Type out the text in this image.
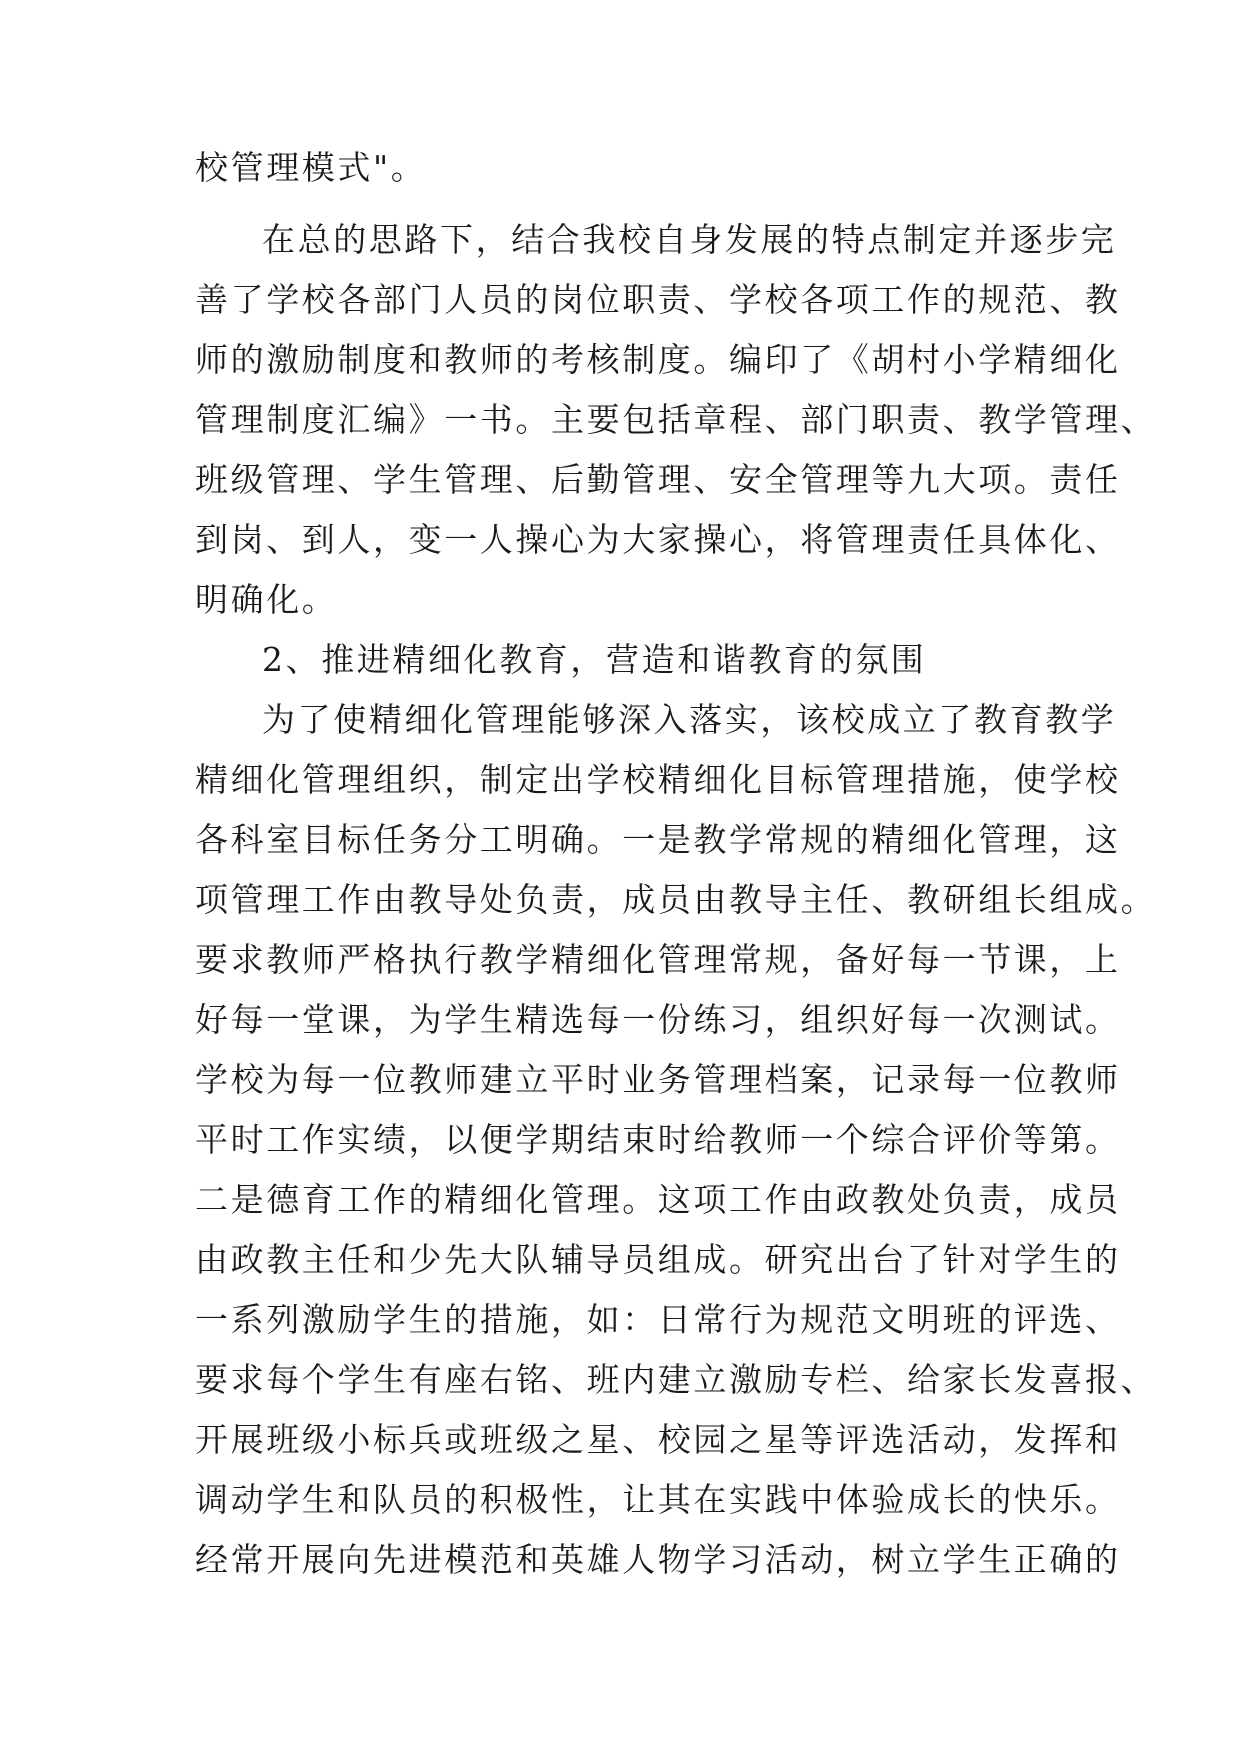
校管理模式"。
在总的思路下，结合我校自身发展的特点制定并逐步完
善了学校各部门人员的岗位职责、学校各项工作的规范、教
师的激励制度和教师的考核制度。编印了《胡村小学精细化
管理制度汇编》一书。主要包括章程、部门职责、教学管理、
班级管理、学生管理、后勤管理、安全管理等九大项。责任
到岗、到人，变一人操心为大家操心，将管理责任具体化、
明确化。
2、推进精细化教育，营造和谐教育的氛围
为了使精细化管理能够深入落实，该校成立了教育教学
精细化管理组织，制定出学校精细化目标管理措施，使学校
各科室目标任务分工明确。一是教学常规的精细化管理，这
项管理工作由教导处负责，成员由教导主任、教研组长组成。
要求教师严格执行教学精细化管理常规，备好每一节课，上
好每一堂课，为学生精选每一份练习，组织好每一次测试。
学校为每一位教师建立平时业务管理档案，记录每一位教师
平时工作实绩，以便学期结束时给教师一个综合评价等第。
二是德育工作的精细化管理。这项工作由政教处负责，成员
由政教主任和少先大队辅导员组成。研究出台了针对学生的
一系列激励学生的措施，如：日常行为规范文明班的评选、
要求每个学生有座右铭、班内建立激励专栏、给家长发喜报、
开展班级小标兵或班级之星、校园之星等评选活动，发挥和
调动学生和队员的积极性，让其在实践中体验成长的快乐。
经常开展向先进模范和英雄人物学习活动，树立学生正确的
